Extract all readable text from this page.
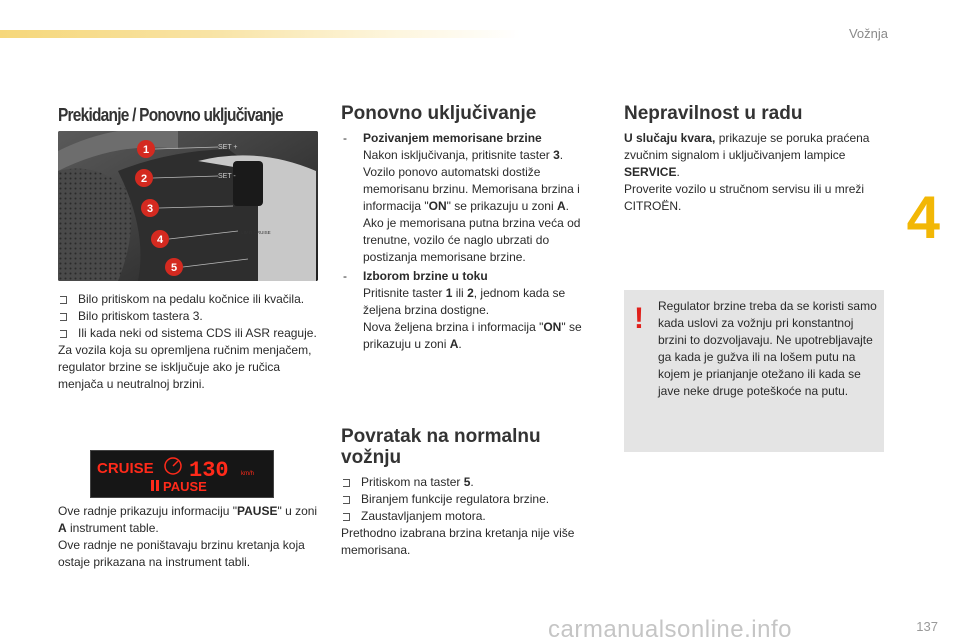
Vožnja
4
Prekidanje / Ponovno uključivanje
SET +
SET -
LIMIT CRUISE
1
2
3
4
5
Bilo pritiskom na pedalu kočnice ili kvačila.
Bilo pritiskom tastera 3.
Ili kada neki od sistema CDS ili ASR reaguje.

Za vozila koja su opremljena ručnim menjačem, regulator brzine se isključuje ako je ručica menjača u neutralnoj brzini.

CRUISE 130 km/h
PAUSE

Ove radnje prikazuju informaciju "PAUSE" u zoni A instrument table.

Ove radnje ne poništavaju brzinu kretanja koja ostaje prikazana na instrument tabli.

Ponovno uključivanje
- Pozivanjem memorisane brzine
Nakon isključivanja, pritisnite taster 3. Vozilo ponovo automatski dostiže memorisanu brzinu. Memorisana brzina i informacija "ON" se prikazuju u zoni A.
Ako je memorisana putna brzina veća od trenutne, vozilo će naglo ubrzati do postizanja memorisane brzine.
- Izborom brzine u toku
Pritisnite taster 1 ili 2, jednom kada se željena brzina dostigne.
Nova željena brzina i informacija "ON" se prikazuju u zoni A.
Povratak na normalnu vožnju
Pritiskom na taster 5.
Biranjem funkcije regulatora brzine.
Zaustavljanjem motora.

Prethodno izabrana brzina kretanja nije više memorisana.

Nepravilnost u radu

U slučaju kvara, prikazuje se poruka praćena zvučnim signalom i uključivanjem lampice SERVICE.

Proverite vozilo u stručnom servisu ili u mreži CITROËN.

! Regulator brzine treba da se koristi samo kada uslovi za vožnju pri konstantnoj brzini to dozvoljavaju. Ne upotrebljavajte ga kada je gužva ili na lošem putu na kojem je prianjanje otežano ili kada se jave neke druge poteškoće na putu.
carmanualsonline.info	137
